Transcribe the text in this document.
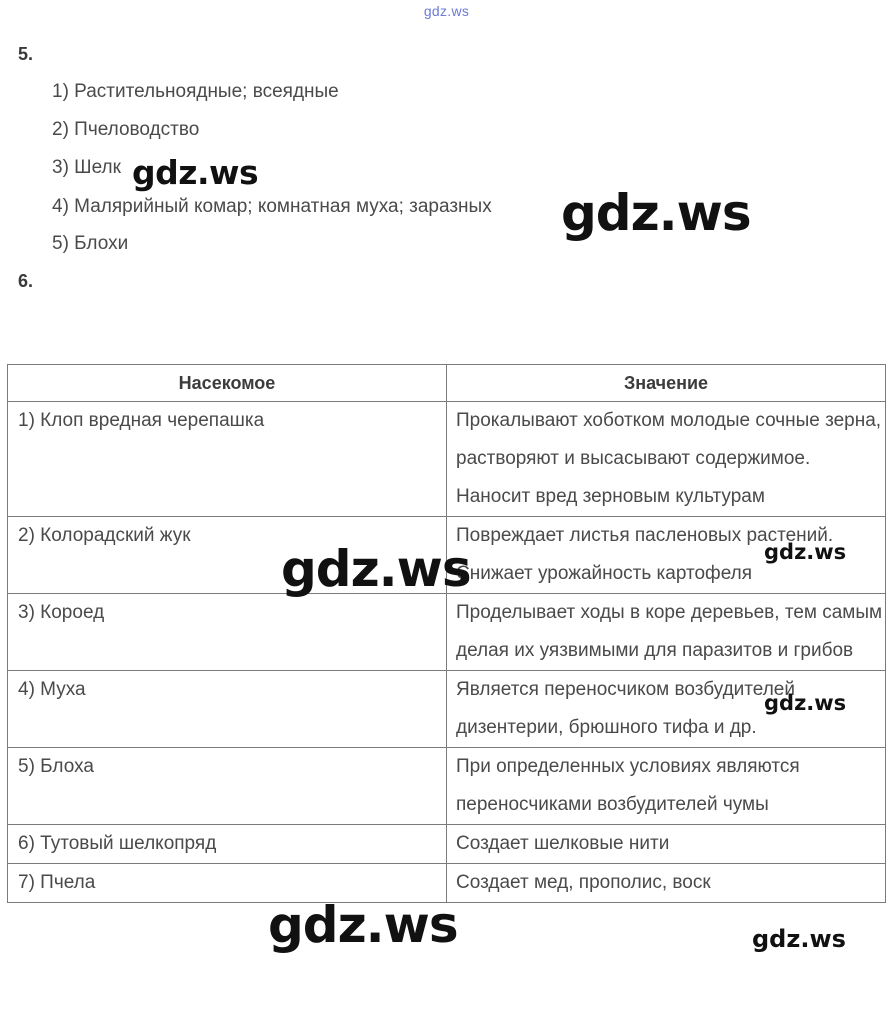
gdz.ws
5.
1) Растительноядные; всеядные
2) Пчеловодство
3) Шелк
4) Малярийный комар; комнатная муха; заразных
5) Блохи
6.
Насекомое	Значение
1) Клоп вредная черепашка	Прокалывают хоботком молодые сочные зерна, растворяют и высасывают содержимое. Наносит вред зерновым культурам
2) Колорадский жук	Повреждает листья пасленовых растений. Снижает урожайность картофеля
3) Короед	Проделывает ходы в коре деревьев, тем самым делая их уязвимыми для паразитов и грибов
4) Муха	Является переносчиком возбудителей дизентерии, брюшного тифа и др.
5) Блоха	При определенных условиях являются переносчиками возбудителей чумы
6) Тутовый шелкопряд	Создает шелковые нити
7) Пчела	Создает мед, прополис, воск
gdz.ws
gdz.ws
gdz.ws
gdz.ws
gdz.ws
gdz.ws	gdz.ws
